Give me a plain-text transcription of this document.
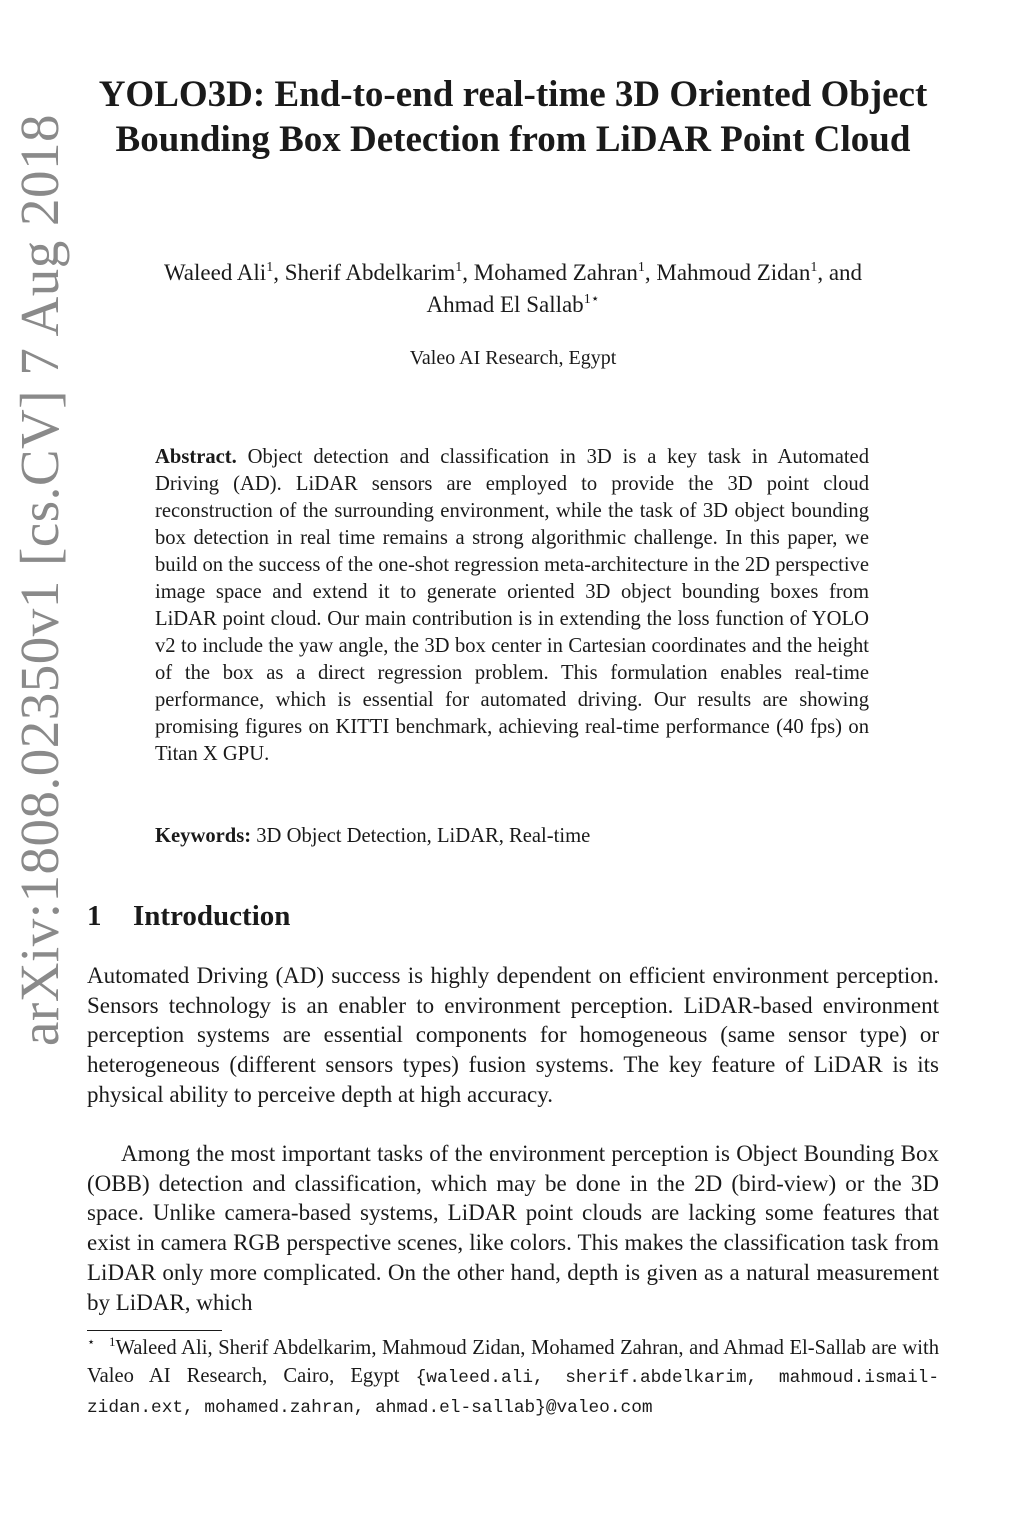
arXiv:1808.02350v1 [cs.CV] 7 Aug 2018
YOLO3D: End-to-end real-time 3D Oriented Object Bounding Box Detection from LiDAR Point Cloud
Waleed Ali$^1$, Sherif Abdelkarim$^1$, Mohamed Zahran$^1$, Mahmoud Zidan$^1$, and
Ahmad El Sallab$^{1⋆}$
Valeo AI Research, Egypt

Abstract. Object detection and classification in 3D is a key task in Automated Driving (AD). LiDAR sensors are employed to provide the 3D point cloud reconstruction of the surrounding environment, while the task of 3D object bounding box detection in real time remains a strong algorithmic challenge. In this paper, we build on the success of the one-shot regression meta-architecture in the 2D perspective image space and extend it to generate oriented 3D object bounding boxes from LiDAR point cloud. Our main contribution is in extending the loss function of YOLO v2 to include the yaw angle, the 3D box center in Cartesian coordinates and the height of the box as a direct regression problem. This formulation enables real-time performance, which is essential for automated driving. Our results are showing promising figures on KITTI benchmark, achieving real-time performance (40 fps) on Titan X GPU.

Keywords: 3D Object Detection, LiDAR, Real-time

1 Introduction

Automated Driving (AD) success is highly dependent on efficient environment perception. Sensors technology is an enabler to environment perception. LiDAR-based environment perception systems are essential components for homogeneous (same sensor type) or heterogeneous (different sensors types) fusion systems. The key feature of LiDAR is its physical ability to perceive depth at high accuracy.

Among the most important tasks of the environment perception is Object Bounding Box (OBB) detection and classification, which may be done in the 2D (bird-view) or the 3D space. Unlike camera-based systems, LiDAR point clouds are lacking some features that exist in camera RGB perspective scenes, like colors. This makes the classification task from LiDAR only more complicated. On the other hand, depth is given as a natural measurement by LiDAR, which

⋆ $^1$Waleed Ali, Sherif Abdelkarim, Mahmoud Zidan, Mohamed Zahran, and Ahmad El-Sallab are with Valeo AI Research, Cairo, Egypt {waleed.ali, sherif.abdelkarim, mahmoud.ismail-zidan.ext, mohamed.zahran, ahmad.el-sallab}@valeo.com
